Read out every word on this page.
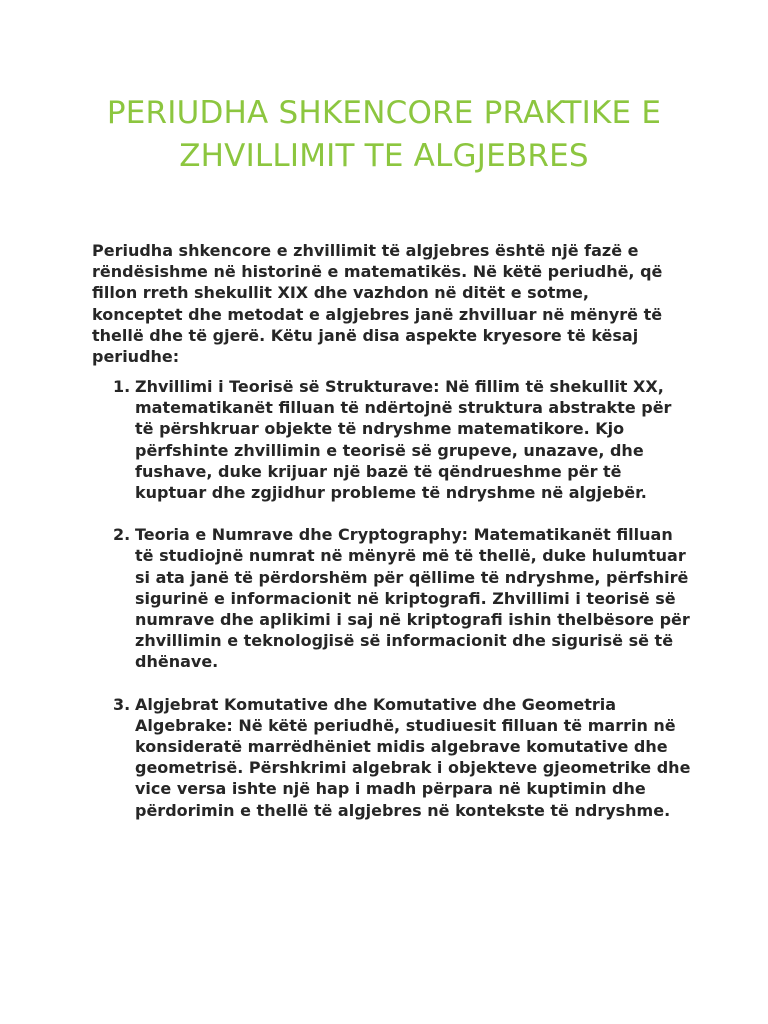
PERIUDHA SHKENCORE PRAKTIKE E ZHVILLIMIT TE ALGJEBRES

Periudha shkencore e zhvillimit të algjebres është një fazë e rëndësishme në historinë e matematikës. Në këtë periudhë, që fillon rreth shekullit XIX dhe vazhdon në ditët e sotme, konceptet dhe metodat e algjebres janë zhvilluar në mënyrë të thellë dhe të gjerë. Këtu janë disa aspekte kryesore të kësaj periudhe:

1. Zhvillimi i Teorisë së Strukturave: Në fillim të shekullit XX, matematikanët filluan të ndërtojnë struktura abstrakte për të përshkruar objekte të ndryshme matematikore. Kjo përfshinte zhvillimin e teorisë së grupeve, unazave, dhe fushave, duke krijuar një bazë të qëndrueshme për të kuptuar dhe zgjidhur probleme të ndryshme në algjebër.
2. Teoria e Numrave dhe Cryptography: Matematikanët filluan të studiojnë numrat në mënyrë më të thellë, duke hulumtuar si ata janë të përdorshëm për qëllime të ndryshme, përfshirë sigurinë e informacionit në kriptografi. Zhvillimi i teorisë së numrave dhe aplikimi i saj në kriptografi ishin thelbësore për zhvillimin e teknologjisë së informacionit dhe sigurisë së të dhënave.
3. Algjebrat Komutative dhe Komutative dhe Geometria Algebrake: Në këtë periudhë, studiuesit filluan të marrin në konsideratë marrëdhëniet midis algebrave komutative dhe geometrisë. Përshkrimi algebrak i objekteve gjeometrike dhe vice versa ishte një hap i madh përpara në kuptimin dhe përdorimin e thellë të algjebres në kontekste të ndryshme.
